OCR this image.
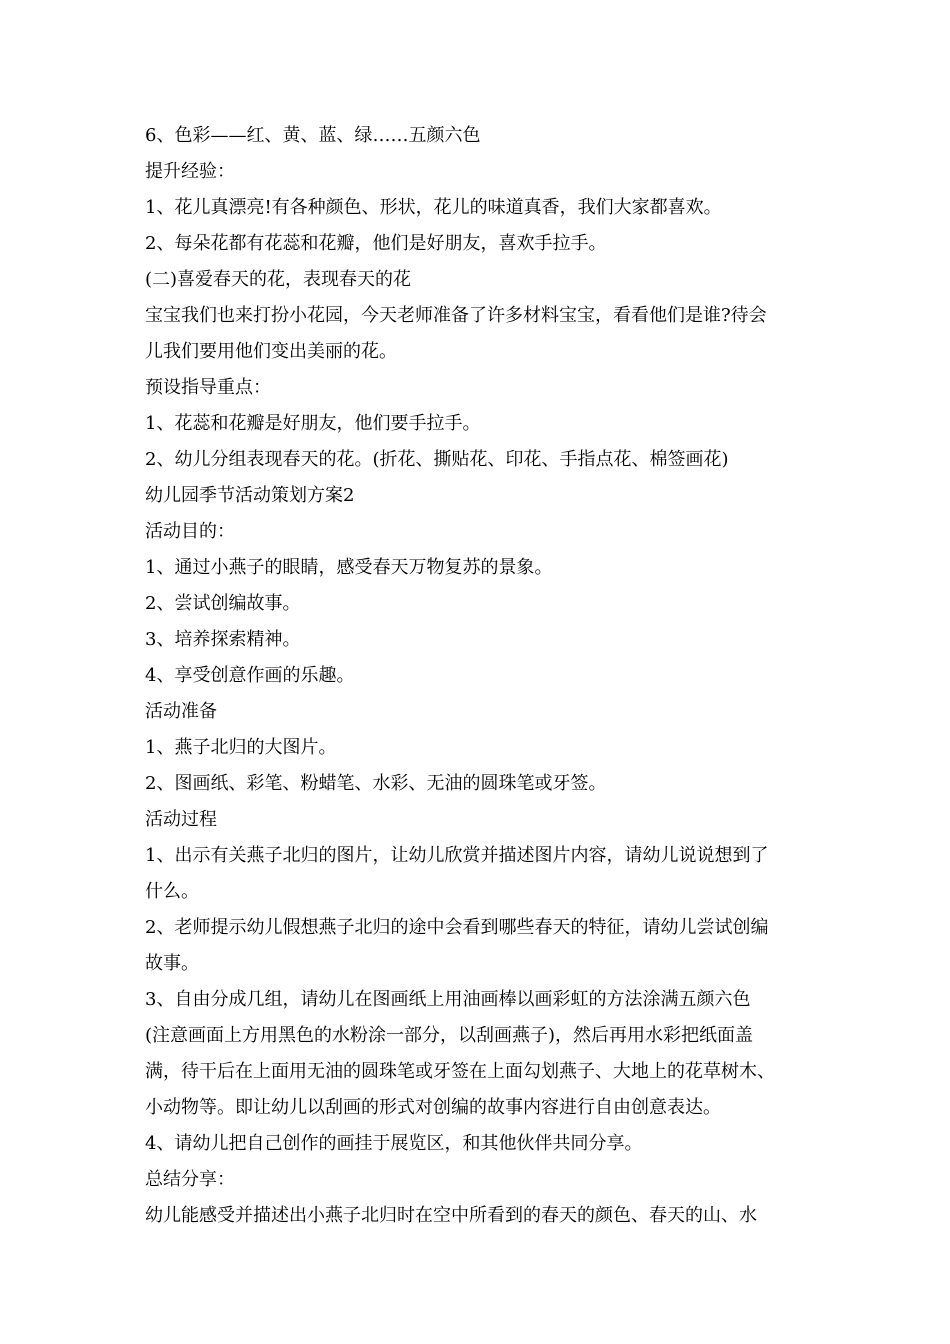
6、色彩——红、黄、蓝、绿……五颜六色
提升经验：
1、花儿真漂亮!有各种颜色、形状，花儿的味道真香，我们大家都喜欢。
2、每朵花都有花蕊和花瓣，他们是好朋友，喜欢手拉手。
(二)喜爱春天的花，表现春天的花
宝宝我们也来打扮小花园，今天老师准备了许多材料宝宝，看看他们是谁?待会
儿我们要用他们变出美丽的花。
预设指导重点：
1、花蕊和花瓣是好朋友，他们要手拉手。
2、幼儿分组表现春天的花。(折花、撕贴花、印花、手指点花、棉签画花)
幼儿园季节活动策划方案2
活动目的：
1、通过小燕子的眼睛，感受春天万物复苏的景象。
2、尝试创编故事。
3、培养探索精神。
4、享受创意作画的乐趣。
活动准备
1、燕子北归的大图片。
2、图画纸、彩笔、粉蜡笔、水彩、无油的圆珠笔或牙签。
活动过程
1、出示有关燕子北归的图片，让幼儿欣赏并描述图片内容，请幼儿说说想到了
什么。
2、老师提示幼儿假想燕子北归的途中会看到哪些春天的特征，请幼儿尝试创编
故事。
3、自由分成几组，请幼儿在图画纸上用油画棒以画彩虹的方法涂满五颜六色
(注意画面上方用黑色的水粉涂一部分，以刮画燕子)，然后再用水彩把纸面盖
满，待干后在上面用无油的圆珠笔或牙签在上面勾划燕子、大地上的花草树木、
小动物等。即让幼儿以刮画的形式对创编的故事内容进行自由创意表达。
4、请幼儿把自己创作的画挂于展览区，和其他伙伴共同分享。
总结分享：
幼儿能感受并描述出小燕子北归时在空中所看到的春天的颜色、春天的山、水
